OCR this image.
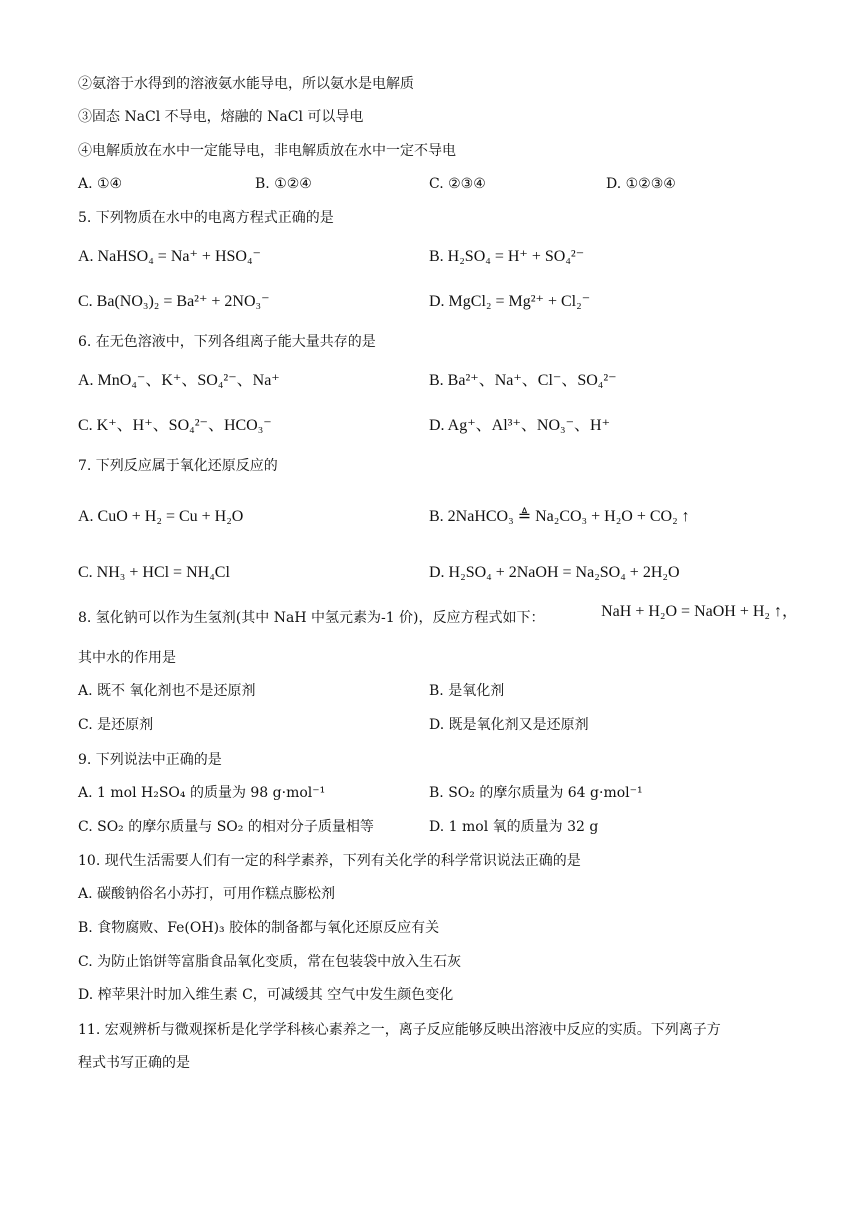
②氨溶于水得到的溶液氨水能导电，所以氨水是电解质
③固态 NaCl 不导电，熔融的 NaCl 可以导电
④电解质放在水中一定能导电，非电解质放在水中一定不导电
A. ①④	B. ①②④	C. ②③④	D. ①②③④
5. 下列物质在水中的电离方程式正确的是
A. NaHSO₄ = Na⁺ + HSO₄⁻	B. H₂SO₄ = H⁺ + SO₄²⁻
C. Ba(NO₃)₂ = Ba²⁺ + 2NO₃⁻	D. MgCl₂ = Mg²⁺ + Cl₂⁻
6. 在无色溶液中，下列各组离子能大量共存的是
A. MnO₄⁻、K⁺、SO₄²⁻、Na⁺	B. Ba²⁺、Na⁺、Cl⁻、SO₄²⁻
C. K⁺、H⁺、SO₄²⁻、HCO₃⁻	D. Ag⁺、Al³⁺、NO₃⁻、H⁺
7. 下列反应属于氧化还原反应的
A. CuO + H₂ = Cu + H₂O	B. 2NaHCO₃ ≜ Na₂CO₃ + H₂O + CO₂ ↑
C. NH₃ + HCl = NH₄Cl	D. H₂SO₄ + 2NaOH = Na₂SO₄ + 2H₂O
8. 氢化钠可以作为生氢剂(其中 NaH 中氢元素为-1 价)，反应方程式如下：	NaH + H₂O = NaOH + H₂ ↑，
其中水的作用是
A. 既不 氧化剂也不是还原剂	B. 是氧化剂
C. 是还原剂	D. 既是氧化剂又是还原剂
9. 下列说法中正确的是
A. 1 mol H₂SO₄ 的质量为 98 g·mol⁻¹	B. SO₂ 的摩尔质量为 64 g·mol⁻¹
C. SO₂ 的摩尔质量与 SO₂ 的相对分子质量相等	D. 1 mol 氧的质量为 32 g
10. 现代生活需要人们有一定的科学素养，下列有关化学的科学常识说法正确的是
A. 碳酸钠俗名小苏打，可用作糕点膨松剂
B. 食物腐败、Fe(OH)₃ 胶体的制备都与氧化还原反应有关
C. 为防止馅饼等富脂食品氧化变质，常在包装袋中放入生石灰
D. 榨苹果汁时加入维生素 C，可减缓其 空气中发生颜色变化
11. 宏观辨析与微观探析是化学学科核心素养之一，离子反应能够反映出溶液中反应的实质。下列离子方
程式书写正确的是
